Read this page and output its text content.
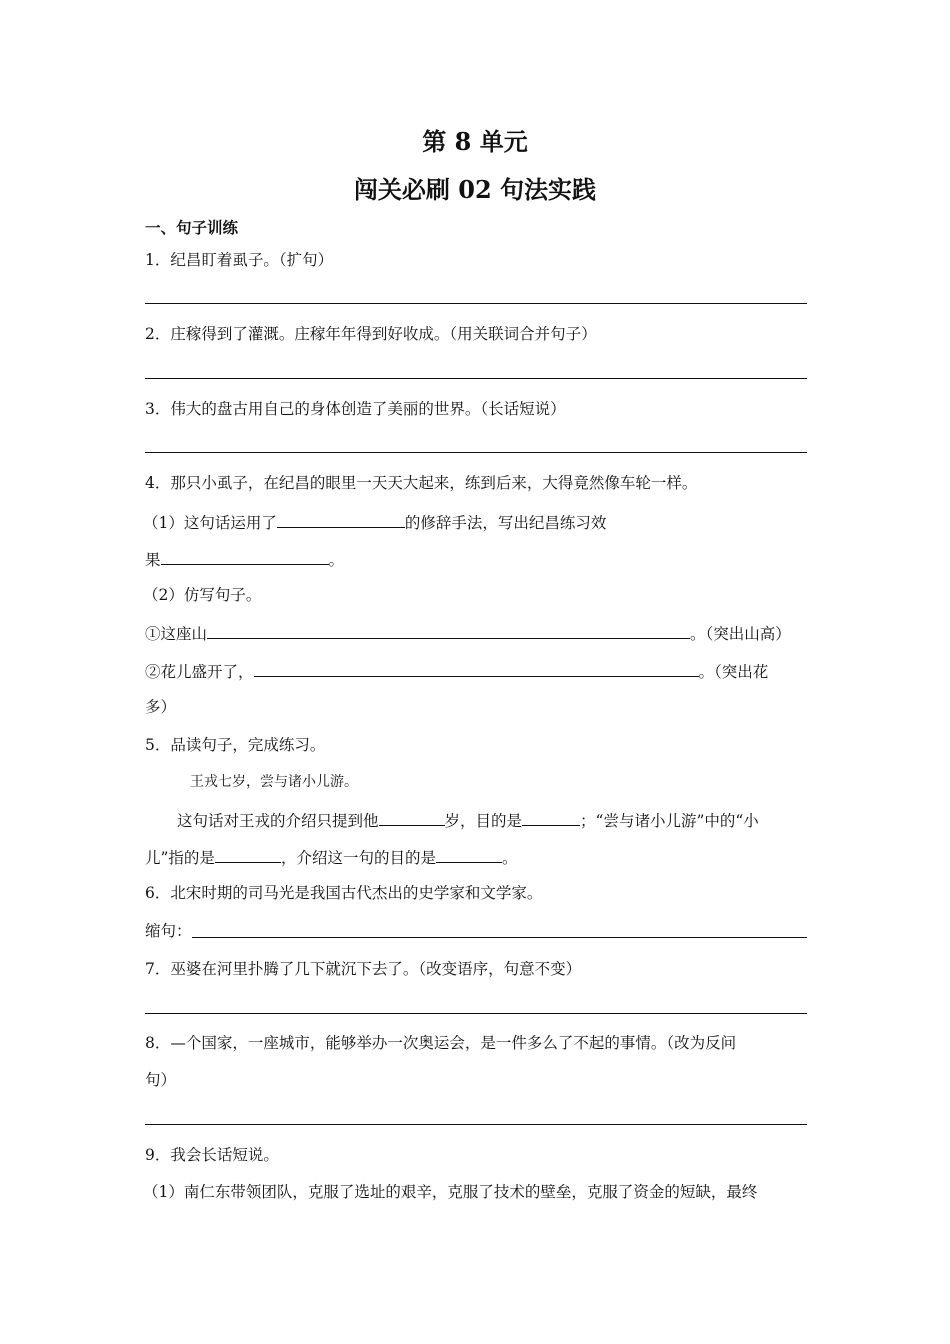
第 8 单元
闯关必刷 02 句法实践
一、句子训练
1．纪昌盯着虱子。（扩句）
2．庄稼得到了灌溉。庄稼年年得到好收成。（用关联词合并句子）
3．伟大的盘古用自己的身体创造了美丽的世界。（长话短说）
4．那只小虱子，在纪昌的眼里一天天大起来，练到后来，大得竟然像车轮一样。
（1）这句话运用了	的修辞手法，写出纪昌练习效
果	。
（2）仿写句子。
①这座山	。（突出山高）
②花儿盛开了，	。（突出花
多）
5．品读句子，完成练习。
王戎七岁，尝与诸小儿游。
这句话对王戎的介绍只提到他	岁，目的是	；“尝与诸小儿游”中的“小
儿”指的是	，介绍这一句的目的是	。
6．北宋时期的司马光是我国古代杰出的史学家和文学家。
缩句：
7．巫婆在河里扑腾了几下就沉下去了。（改变语序，句意不变）
8．—个国家，一座城市，能够举办一次奥运会，是一件多么了不起的事情。（改为反问
句）
9．我会长话短说。
（1）南仁东带领团队，克服了选址的艰辛，克服了技术的壁垒，克服了资金的短缺，最终
